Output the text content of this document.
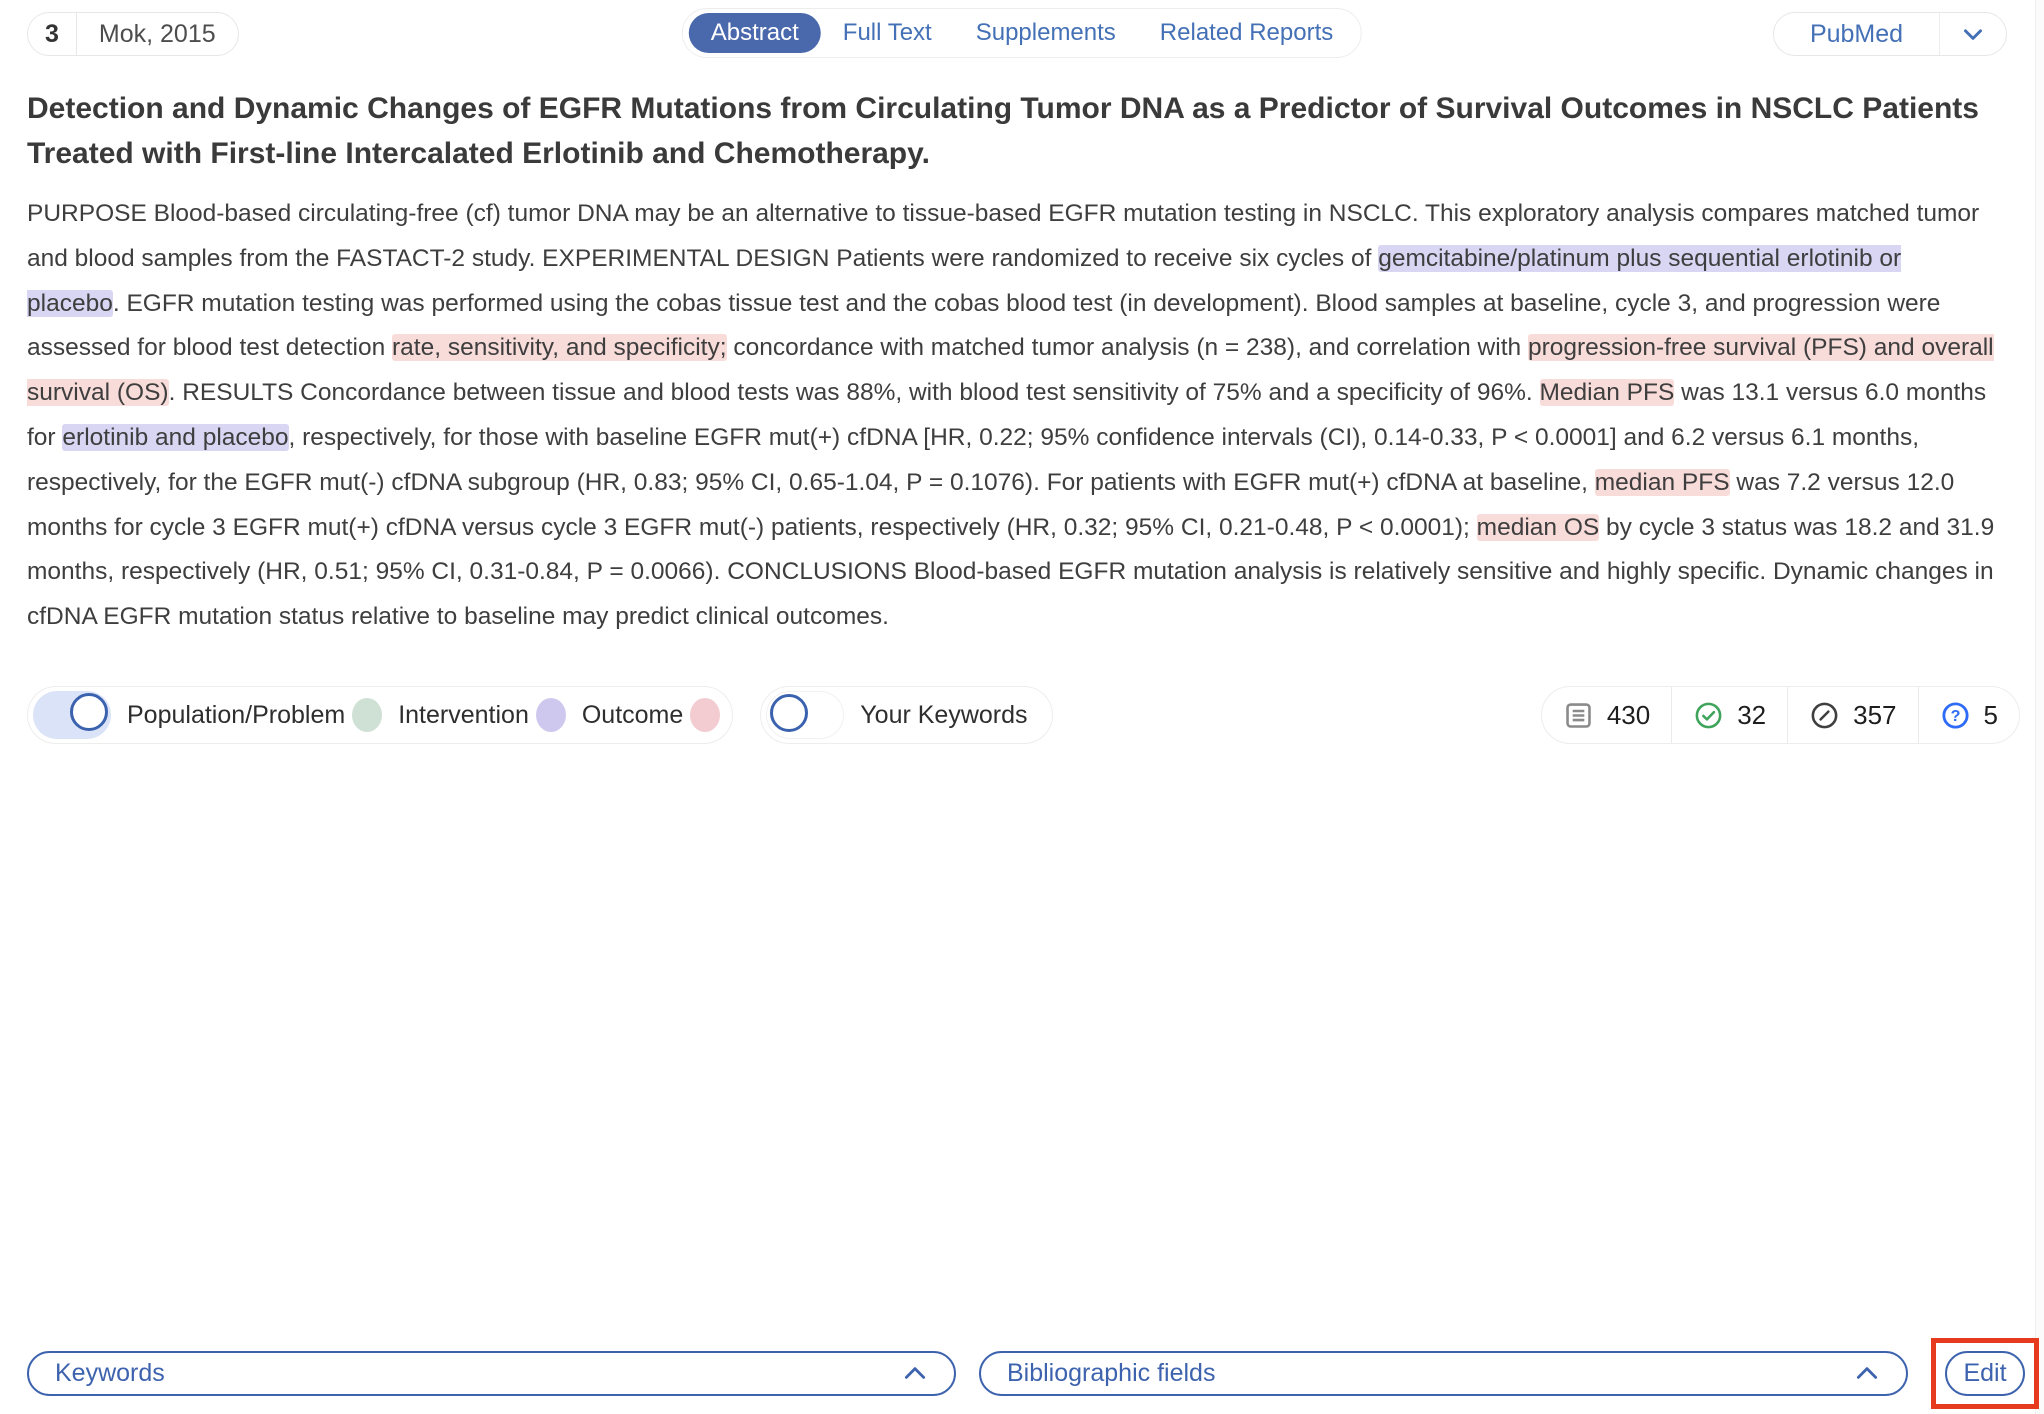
3	Mok, 2015	Abstract	Full Text	Supplements	Related Reports	PubMed
Detection and Dynamic Changes of EGFR Mutations from Circulating Tumor DNA as a Predictor of Survival Outcomes in NSCLC Patients Treated with First-line Intercalated Erlotinib and Chemotherapy.

PURPOSE Blood-based circulating-free (cf) tumor DNA may be an alternative to tissue-based EGFR mutation testing in NSCLC. This exploratory analysis compares matched tumor and blood samples from the FASTACT-2 study. EXPERIMENTAL DESIGN Patients were randomized to receive six cycles of gemcitabine/platinum plus sequential erlotinib or placebo. EGFR mutation testing was performed using the cobas tissue test and the cobas blood test (in development). Blood samples at baseline, cycle 3, and progression were assessed for blood test detection rate, sensitivity, and specificity; concordance with matched tumor analysis (n = 238), and correlation with progression-free survival (PFS) and overall survival (OS). RESULTS Concordance between tissue and blood tests was 88%, with blood test sensitivity of 75% and a specificity of 96%. Median PFS was 13.1 versus 6.0 months for erlotinib and placebo, respectively, for those with baseline EGFR mut(+) cfDNA [HR, 0.22; 95% confidence intervals (CI), 0.14-0.33, P < 0.0001] and 6.2 versus 6.1 months, respectively, for the EGFR mut(-) cfDNA subgroup (HR, 0.83; 95% CI, 0.65-1.04, P = 0.1076). For patients with EGFR mut(+) cfDNA at baseline, median PFS was 7.2 versus 12.0 months for cycle 3 EGFR mut(+) cfDNA versus cycle 3 EGFR mut(-) patients, respectively (HR, 0.32; 95% CI, 0.21-0.48, P < 0.0001); median OS by cycle 3 status was 18.2 and 31.9 months, respectively (HR, 0.51; 95% CI, 0.31-0.84, P = 0.0066). CONCLUSIONS Blood-based EGFR mutation analysis is relatively sensitive and highly specific. Dynamic changes in cfDNA EGFR mutation status relative to baseline may predict clinical outcomes.

Population/Problem Intervention Outcome	Your Keywords	430	32	357	? 5
Keywords	Bibliographic fields	Edit
